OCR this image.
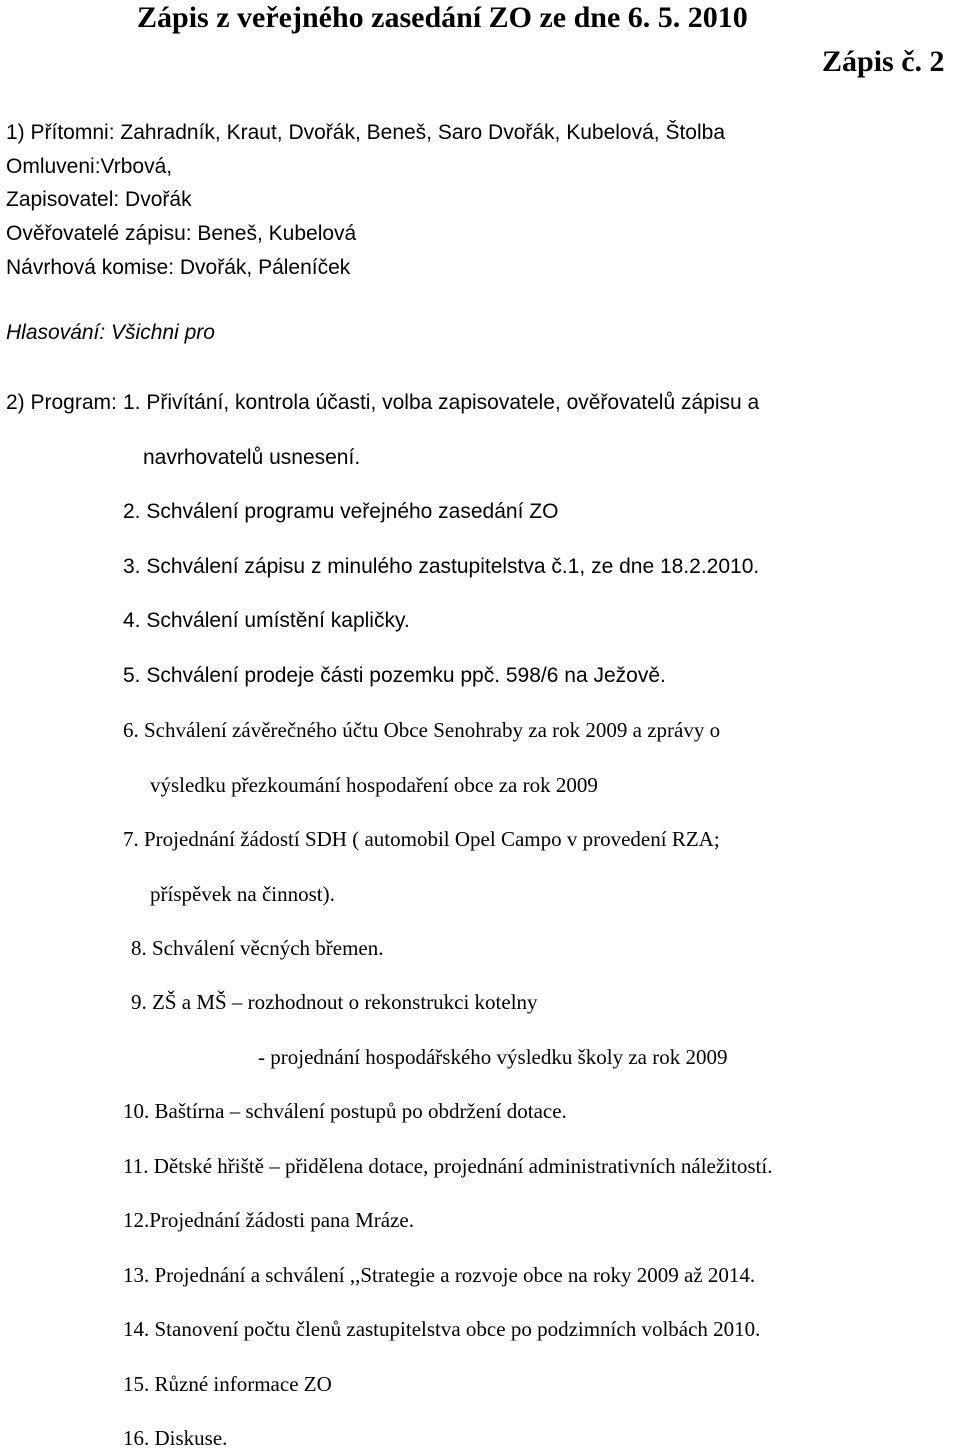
Zápis z veřejného zasedání ZO ze dne 6. 5. 2010
Zápis č. 2
1) Přítomni: Zahradník, Kraut, Dvořák, Beneš, Saro Dvořák, Kubelová, Štolba
Omluveni:Vrbová,
Zapisovatel: Dvořák
Ověřovatelé zápisu: Beneš, Kubelová
Návrhová komise: Dvořák, Páleníček
Hlasování: Všichni pro
2) Program: 1. Přivítání, kontrola účasti, volba zapisovatele, ověřovatelů zápisu a
navrhovatelů usnesení.
2. Schválení programu veřejného zasedání ZO
3. Schválení zápisu z minulého zastupitelstva č.1, ze dne 18.2.2010.
4. Schválení umístění kapličky.
5. Schválení prodeje části pozemku ppč. 598/6 na Ježově.
6. Schválení závěrečného účtu Obce Senohraby za rok 2009 a zprávy o
výsledku přezkoumání hospodaření obce za rok 2009
7. Projednání žádostí SDH ( automobil Opel Campo v provedení RZA;
příspěvek na činnost).
8. Schválení věcných břemen.
9. ZŠ a MŠ – rozhodnout o rekonstrukci kotelny
- projednání hospodářského výsledku školy za rok 2009
10. Baštírna – schválení postupů po obdržení dotace.
11. Dětské hřiště – přidělena dotace, projednání administrativních náležitostí.
12.Projednání žádosti pana Mráze.
13. Projednání a schválení ,,Strategie a rozvoje obce na roky 2009 až 2014.
14. Stanovení počtu členů zastupitelstva obce po podzimních volbách 2010.
15. Různé informace ZO
16. Diskuse.
